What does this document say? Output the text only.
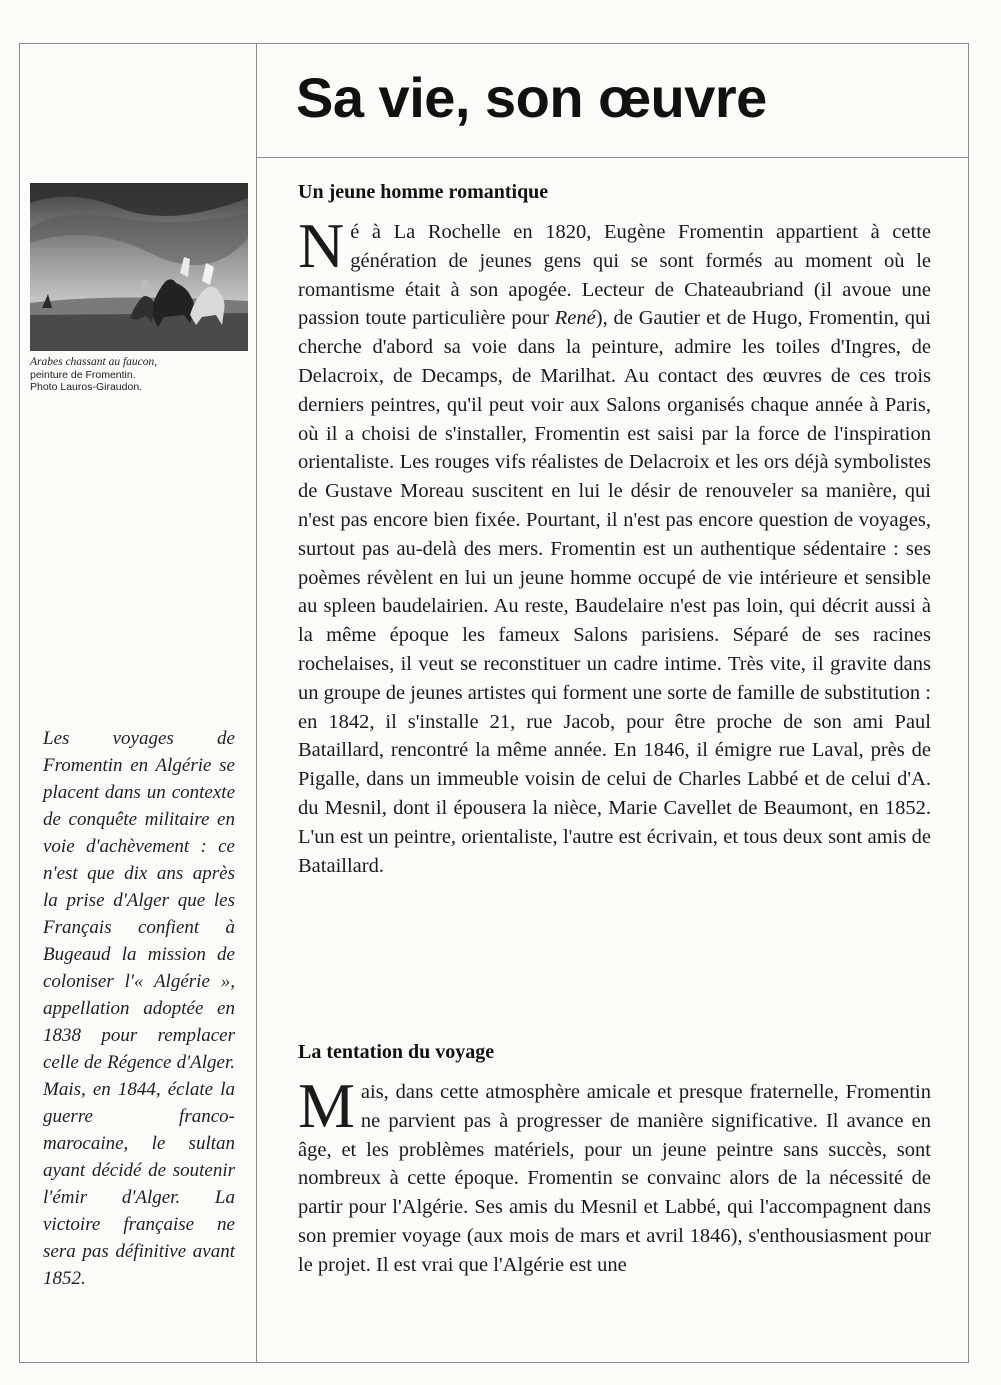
Sa vie, son œuvre
Arabes chassant au faucon,
peinture de Fromentin.
Photo Lauros-Giraudon.
Les voyages de Fromentin en Algérie se placent dans un contexte de conquête militaire en voie d'achèvement : ce n'est que dix ans après la prise d'Alger que les Français confient à Bugeaud la mission de coloniser l'« Algérie », appellation adoptée en 1838 pour remplacer celle de Régence d'Alger. Mais, en 1844, éclate la guerre franco-marocaine, le sultan ayant décidé de soutenir l'émir d'Alger. La victoire française ne sera pas définitive avant 1852.
Un jeune homme romantique

Né à La Rochelle en 1820, Eugène Fromentin appartient à cette génération de jeunes gens qui se sont formés au moment où le romantisme était à son apogée. Lecteur de Chateaubriand (il avoue une passion toute particulière pour René), de Gautier et de Hugo, Fromentin, qui cherche d'abord sa voie dans la peinture, admire les toiles d'Ingres, de Delacroix, de Decamps, de Marilhat. Au contact des œuvres de ces trois derniers peintres, qu'il peut voir aux Salons organisés chaque année à Paris, où il a choisi de s'installer, Fromentin est saisi par la force de l'inspiration orientaliste. Les rouges vifs réalistes de Delacroix et les ors déjà symbolistes de Gustave Moreau suscitent en lui le désir de renouveler sa manière, qui n'est pas encore bien fixée. Pourtant, il n'est pas encore question de voyages, surtout pas au-delà des mers. Fromentin est un authentique sédentaire : ses poèmes révèlent en lui un jeune homme occupé de vie intérieure et sensible au spleen baudelairien. Au reste, Baudelaire n'est pas loin, qui décrit aussi à la même époque les fameux Salons parisiens. Séparé de ses racines rochelaises, il veut se reconstituer un cadre intime. Très vite, il gravite dans un groupe de jeunes artistes qui forment une sorte de famille de substitution : en 1842, il s'installe 21, rue Jacob, pour être proche de son ami Paul Bataillard, rencontré la même année. En 1846, il émigre rue Laval, près de Pigalle, dans un immeuble voisin de celui de Charles Labbé et de celui d'A. du Mesnil, dont il épousera la nièce, Marie Cavellet de Beaumont, en 1852. L'un est un peintre, orientaliste, l'autre est écrivain, et tous deux sont amis de Bataillard.

La tentation du voyage

Mais, dans cette atmosphère amicale et presque fraternelle, Fromentin ne parvient pas à progresser de manière significative. Il avance en âge, et les problèmes matériels, pour un jeune peintre sans succès, sont nombreux à cette époque. Fromentin se convainc alors de la nécessité de partir pour l'Algérie. Ses amis du Mesnil et Labbé, qui l'accompagnent dans son premier voyage (aux mois de mars et avril 1846), s'enthousiasment pour le projet. Il est vrai que l'Algérie est une
